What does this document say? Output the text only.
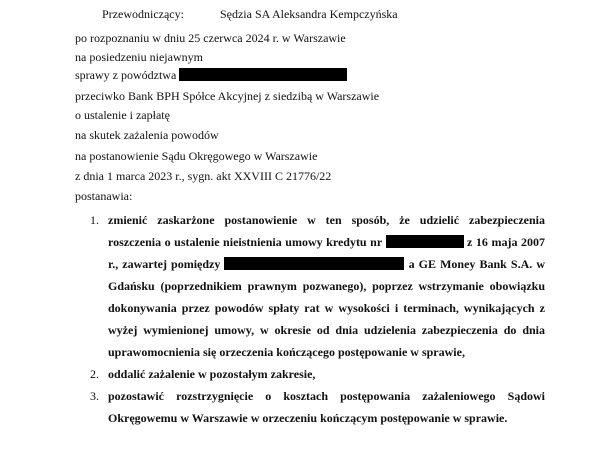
Przewodniczący:	Sędzia SA Aleksandra Kempczyńska
po rozpoznaniu w dniu 25 czerwca 2024 r. w Warszawie
na posiedzeniu niejawnym
sprawy z powództwa
przeciwko Bank BPH Spółce Akcyjnej z siedzibą w Warszawie
o ustalenie i zapłatę
na skutek zażalenia powodów
na postanowienie Sądu Okręgowego w Warszawie
z dnia 1 marca 2023 r., sygn. akt XXVIII C 21776/22
postanawia:
1. zmienić zaskarżone postanowienie w ten sposób, że udzielić zabezpieczenia roszczenia o ustalenie nieistnienia umowy kredytu nr	z 16 maja 2007 r., zawartej pomiędzy	a GE Money Bank S.A. w Gdańsku (poprzednikiem prawnym pozwanego), poprzez wstrzymanie obowiązku dokonywania przez powodów spłaty rat w wysokości i terminach, wynikających z wyżej wymienionej umowy, w okresie od dnia udzielenia zabezpieczenia do dnia uprawomocnienia się orzeczenia kończącego postępowanie w sprawie,
2. oddalić zażalenie w pozostałym zakresie,
3. pozostawić rozstrzygnięcie o kosztach postępowania zażaleniowego Sądowi Okręgowemu w Warszawie w orzeczeniu kończącym postępowanie w sprawie.
